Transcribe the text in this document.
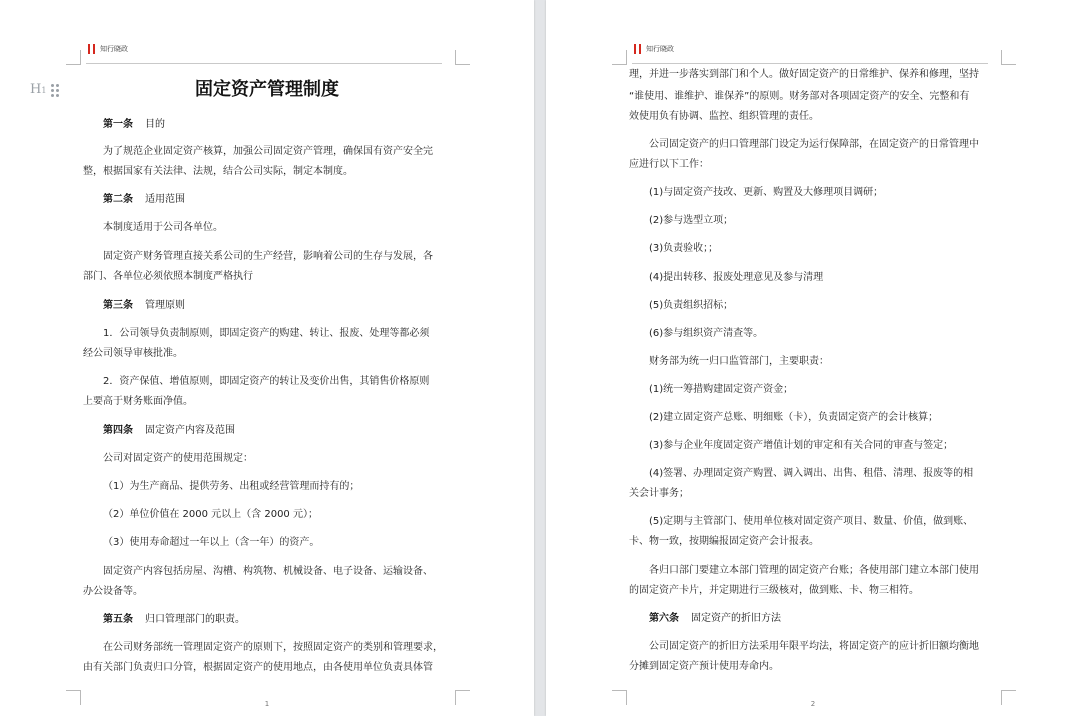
知行晓政
H1	固定资产管理制度
第一条 目的
为了规范企业固定资产核算，加强公司固定资产管理，确保国有资产安全完
整，根据国家有关法律、法规，结合公司实际，制定本制度。
第二条 适用范围
本制度适用于公司各单位。
固定资产财务管理直接关系公司的生产经营，影响着公司的生存与发展，各
部门、各单位必须依照本制度严格执行
第三条 管理原则
1．公司领导负责制原则，即固定资产的购建、转让、报废、处理等都必须
经公司领导审核批准。
2．资产保值、增值原则，即固定资产的转让及变价出售，其销售价格原则
上要高于财务账面净值。
第四条 固定资产内容及范围
公司对固定资产的使用范围规定：
（1）为生产商品、提供劳务、出租或经营管理而持有的；
（2）单位价值在 2000 元以上（含 2000 元）；
（3）使用寿命超过一年以上（含一年）的资产。
固定资产内容包括房屋、沟槽、构筑物、机械设备、电子设备、运输设备、
办公设备等。
第五条 归口管理部门的职责。
在公司财务部统一管理固定资产的原则下，按照固定资产的类别和管理要求，
由有关部门负责归口分管，根据固定资产的使用地点，由各使用单位负责具体管
1
知行晓政
理，并进一步落实到部门和个人。做好固定资产的日常维护、保养和修理，坚持
“谁使用、谁维护、谁保养”的原则。财务部对各项固定资产的安全、完整和有
效使用负有协调、监控、组织管理的责任。
公司固定资产的归口管理部门设定为运行保障部，在固定资产的日常管理中
应进行以下工作：
(1)与固定资产技改、更新、购置及大修理项目调研；
(2)参与选型立项；
(3)负责验收；；
(4)提出转移、报废处理意见及参与清理
(5)负责组织招标；
(6)参与组织资产清查等。
财务部为统一归口监管部门，主要职责：
(1)统一筹措购建固定资产资金；
(2)建立固定资产总账、明细账（卡），负责固定资产的会计核算；
(3)参与企业年度固定资产增值计划的审定和有关合同的审查与签定；
(4)签署、办理固定资产购置、调入调出、出售、租借、清理、报废等的相
关会计事务；
(5)定期与主管部门、使用单位核对固定资产项目、数量、价值，做到账、
卡、物一致，按期编报固定资产会计报表。
各归口部门要建立本部门管理的固定资产台账；各使用部门建立本部门使用
的固定资产卡片，并定期进行三级核对，做到账、卡、物三相符。
第六条 固定资产的折旧方法
公司固定资产的折旧方法采用年限平均法，将固定资产的应计折旧额均衡地
分摊到固定资产预计使用寿命内。
2
